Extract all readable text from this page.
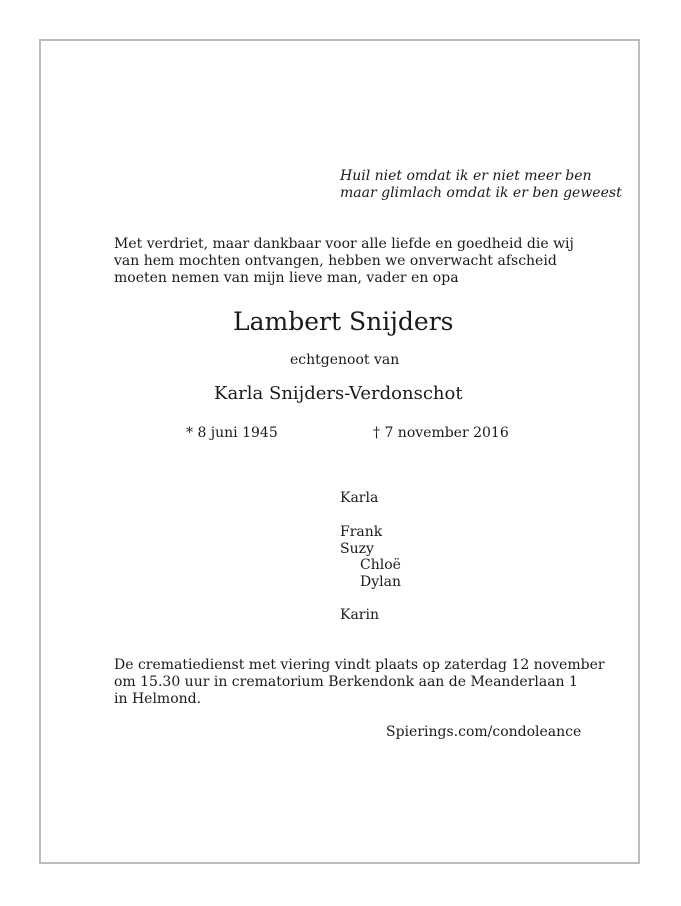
Huil niet omdat ik er niet meer ben
maar glimlach omdat ik er ben geweest
Met verdriet, maar dankbaar voor alle liefde en goedheid die wij
van hem mochten ontvangen, hebben we onverwacht afscheid
moeten nemen van mijn lieve man, vader en opa
Lambert Snijders
echtgenoot van
Karla Snijders-Verdonschot
* 8 juni 1945	† 7 november 2016
Karla
Frank
Suzy
Chloë
Dylan
Karin
De crematiedienst met viering vindt plaats op zaterdag 12 november
om 15.30 uur in crematorium Berkendonk aan de Meanderlaan 1
in Helmond.
Spierings.com/condoleance
